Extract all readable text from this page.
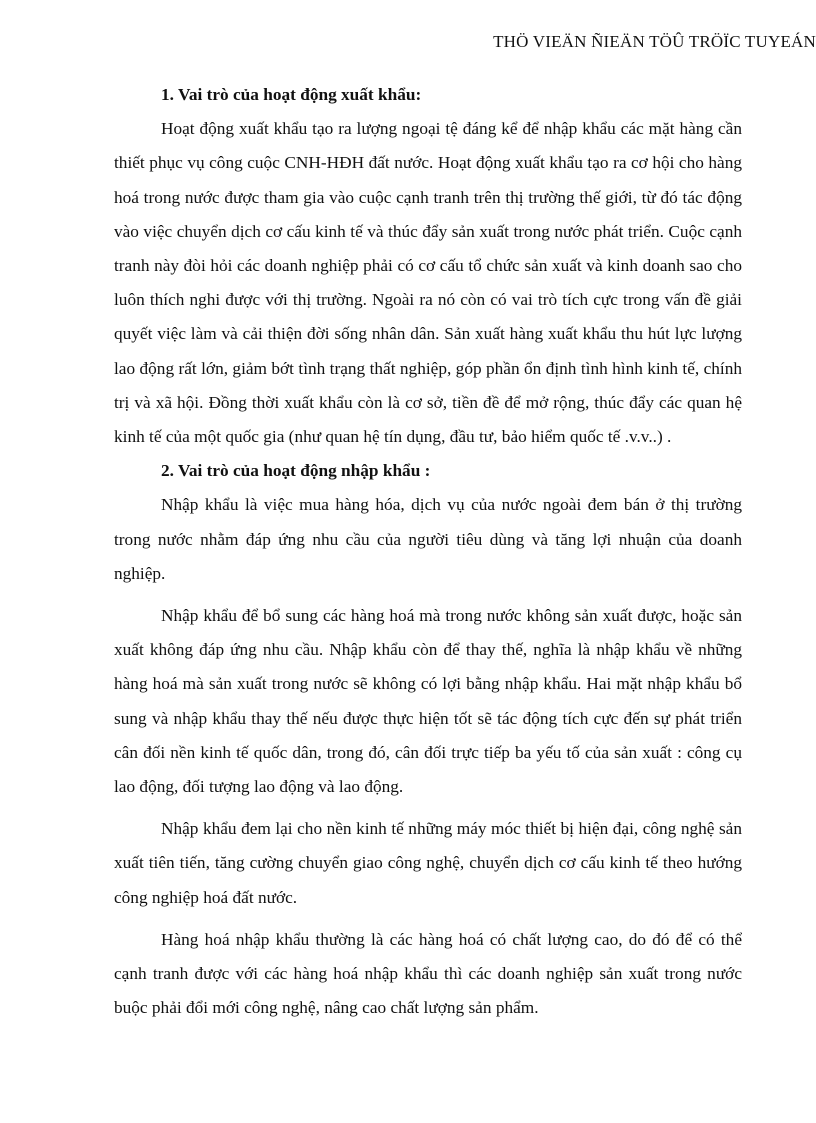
THÖ VIEÄN ÑIEÄN TÖÛ TRÖÏC TUYEÁN

1. Vai trò của hoạt động xuất khẩu:

Hoạt động xuất khẩu tạo ra lượng ngoại tệ đáng kể để nhập khẩu các mặt hàng cần thiết phục vụ công cuộc CNH-HĐH đất nước. Hoạt động xuất khẩu tạo ra cơ hội cho hàng hoá trong nước được tham gia vào cuộc cạnh tranh trên thị trường thế giới, từ đó tác động vào việc chuyển dịch cơ cấu kinh tế và thúc đẩy sản xuất trong nước phát triển. Cuộc cạnh tranh này đòi hỏi các doanh nghiệp phải có cơ cấu tổ chức sản xuất và kinh doanh sao cho luôn thích nghi được với thị trường. Ngoài ra nó còn có vai trò tích cực trong vấn đề giải quyết việc làm và cải thiện đời sống nhân dân. Sản xuất hàng xuất khẩu thu hút lực lượng lao động rất lớn, giảm bớt tình trạng thất nghiệp, góp phần ổn định tình hình kinh tế, chính trị và xã hội. Đồng thời xuất khẩu còn là cơ sở, tiền đề để mở rộng, thúc đẩy các quan hệ kinh tế của một quốc gia (như quan hệ tín dụng, đầu tư, bảo hiểm quốc tế .v.v..) .

2. Vai trò của hoạt động nhập khẩu :

Nhập khẩu là việc mua hàng hóa, dịch vụ của nước ngoài đem bán ở thị trường trong nước nhằm đáp ứng nhu cầu của người tiêu dùng và tăng lợi nhuận của doanh nghiệp.

Nhập khẩu để bổ sung các hàng hoá mà trong nước không sản xuất được, hoặc sản xuất không đáp ứng nhu cầu. Nhập khẩu còn để thay thế, nghĩa là nhập khẩu về những hàng hoá mà sản xuất trong nước sẽ không có lợi bằng nhập khẩu. Hai mặt nhập khẩu bổ sung và nhập khẩu thay thế nếu được thực hiện tốt sẽ tác động tích cực đến sự phát triển cân đối nền kinh tế quốc dân, trong đó, cân đối trực tiếp ba yếu tố của sản xuất : công cụ lao động, đối tượng lao động và lao động.

Nhập khẩu đem lại cho nền kinh tế những máy móc thiết bị hiện đại, công nghệ sản xuất tiên tiến, tăng cường chuyển giao công nghệ, chuyển dịch cơ cấu kinh tế theo hướng công nghiệp hoá đất nước.

Hàng hoá nhập khẩu thường là các hàng hoá có chất lượng cao, do đó để có thể cạnh tranh được với các hàng hoá nhập khẩu thì các doanh nghiệp sản xuất trong nước buộc phải đổi mới công nghệ, nâng cao chất lượng sản phẩm.
